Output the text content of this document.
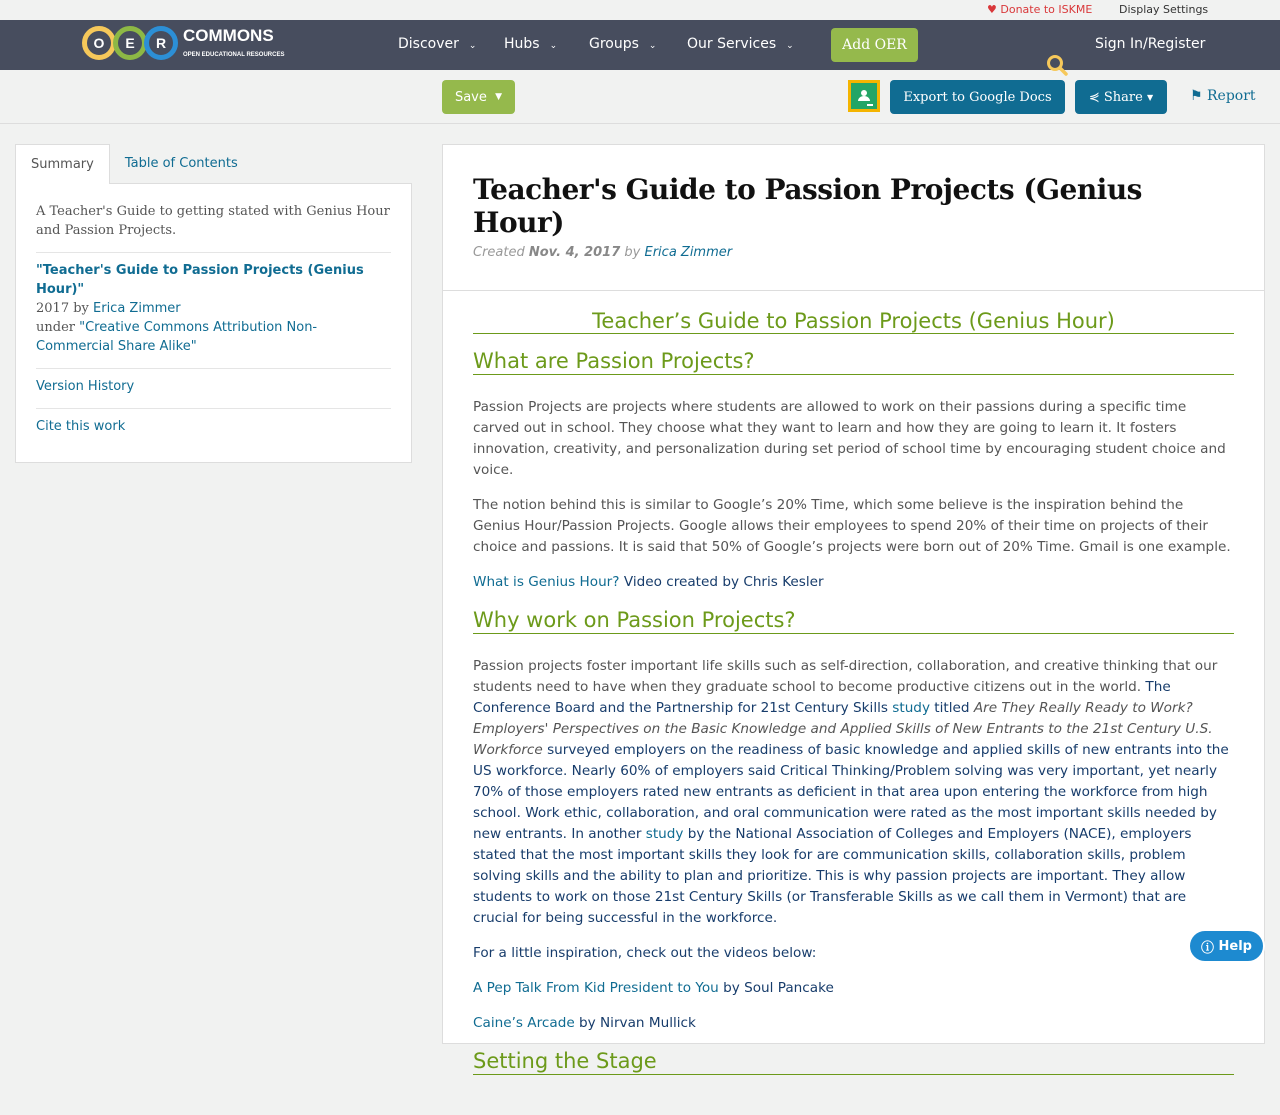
♥ Donate to ISKME Display Settings
O	E	R COMMONS
OPEN EDUCATIONAL RESOURCES
Discover ⌄ Hubs ⌄ Groups ⌄ Our Services ⌄	Add OER	Sign In/Register
Save
▼	Export to Google Docs	⋞
Share
▼	⚑ Report
Summary	Table of Contents
A Teacher's Guide to getting stated with Genius Hour and Passion Projects.
"Teacher's Guide to Passion Projects (Genius Hour)"
2017 by Erica Zimmer
under "Creative Commons Attribution Non-Commercial Share Alike"
Version History
Cite this work
Teacher's Guide to Passion Projects (Genius Hour)
Created Nov. 4, 2017 by Erica Zimmer
Teacher’s Guide to Passion Projects (Genius Hour)
What are Passion Projects?

Passion Projects are projects where students are allowed to work on their passions during a specific time carved out in school. They choose what they want to learn and how they are going to learn it. It fosters innovation, creativity, and personalization during set period of school time by encouraging student choice and voice.

The notion behind this is similar to Google’s 20% Time, which some believe is the inspiration behind the Genius Hour/Passion Projects. Google allows their employees to spend 20% of their time on projects of their choice and passions. It is said that 50% of Google’s projects were born out of 20% Time. Gmail is one example.

What is Genius Hour? Video created by Chris Kesler

Why work on Passion Projects?

Passion projects foster important life skills such as self-direction, collaboration, and creative thinking that our students need to have when they graduate school to become productive citizens out in the world. The Conference Board and the Partnership for 21st Century Skills study titled Are They Really Ready to Work? Employers' Perspectives on the Basic Knowledge and Applied Skills of New Entrants to the 21st Century U.S. Workforce surveyed employers on the readiness of basic knowledge and applied skills of new entrants into the US workforce. Nearly 60% of employers said Critical Thinking/Problem solving was very important, yet nearly 70% of those employers rated new entrants as deficient in that area upon entering the workforce from high school. Work ethic, collaboration, and oral communication were rated as the most important skills needed by new entrants. In another study by the National Association of Colleges and Employers (NACE), employers stated that the most important skills they look for are communication skills, collaboration skills, problem solving skills and the ability to plan and prioritize. This is why passion projects are important. They allow students to work on those 21st Century Skills (or Transferable Skills as we call them in Vermont) that are crucial for being successful in the workforce.

For a little inspiration, check out the videos below:

A Pep Talk From Kid President to You by Soul Pancake

Caine’s Arcade by Nirvan Mullick

Setting the Stage
ⓘ
Help
